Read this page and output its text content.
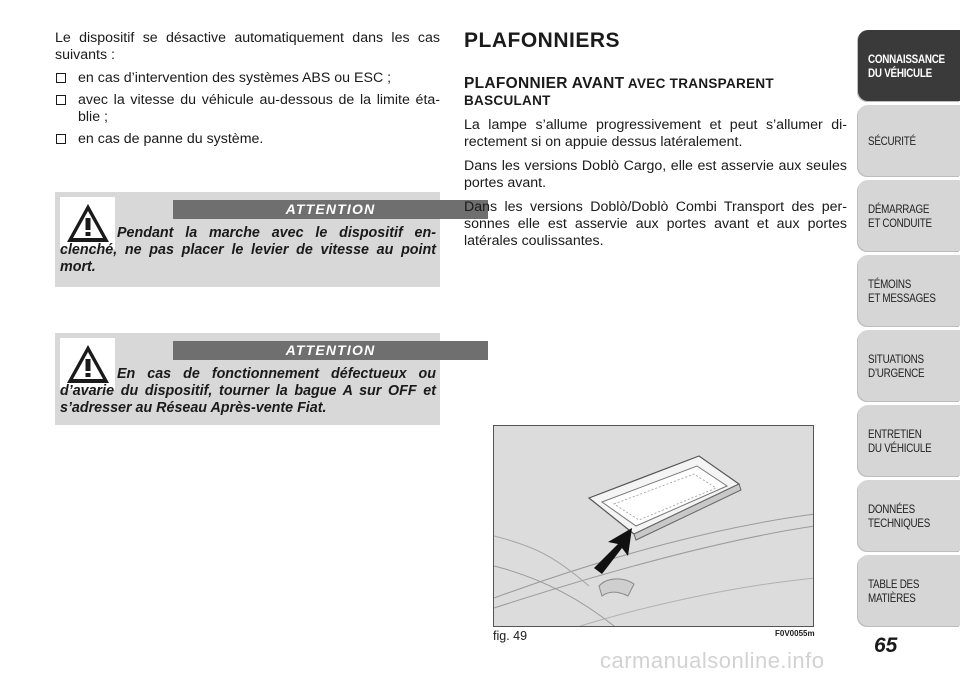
Le dispositif se désactive automatiquement dans les cas suivants :

en cas d’intervention des systèmes ABS ou ESC ;
avec la vitesse du véhicule au-dessous de la limite éta-blie ;
en cas de panne du système.
ATTENTION

Pendant la marche avec le dispositif en-clenché, ne pas placer le levier de vitesse au point mort.

ATTENTION

En cas de fonctionnement défectueux ou d’avarie du dispositif, tourner la bague A sur OFF et s’adresser au Réseau Après-vente Fiat.

PLAFONNIERS
PLAFONNIER AVANT AVEC TRANSPARENT BASCULANT

La lampe s’allume progressivement et peut s’allumer di-rectement si on appuie dessus latéralement.

Dans les versions Doblò Cargo, elle est asservie aux seules portes avant.

Dans les versions Doblò/Doblò Combi Transport des per-sonnes elle est asservie aux portes avant et aux portes latérales coulissantes.

fig. 49	F0V0055m
CONNAISSANCE
DU VÉHICULE
SÉCURITÉ
DÉMARRAGE
ET CONDUITE
TÉMOINS
ET MESSAGES
SITUATIONS
D’URGENCE
ENTRETIEN
DU VÉHICULE
DONNÉES
TECHNIQUES
TABLE DES
MATIÈRES
65
carmanualsonline.info
